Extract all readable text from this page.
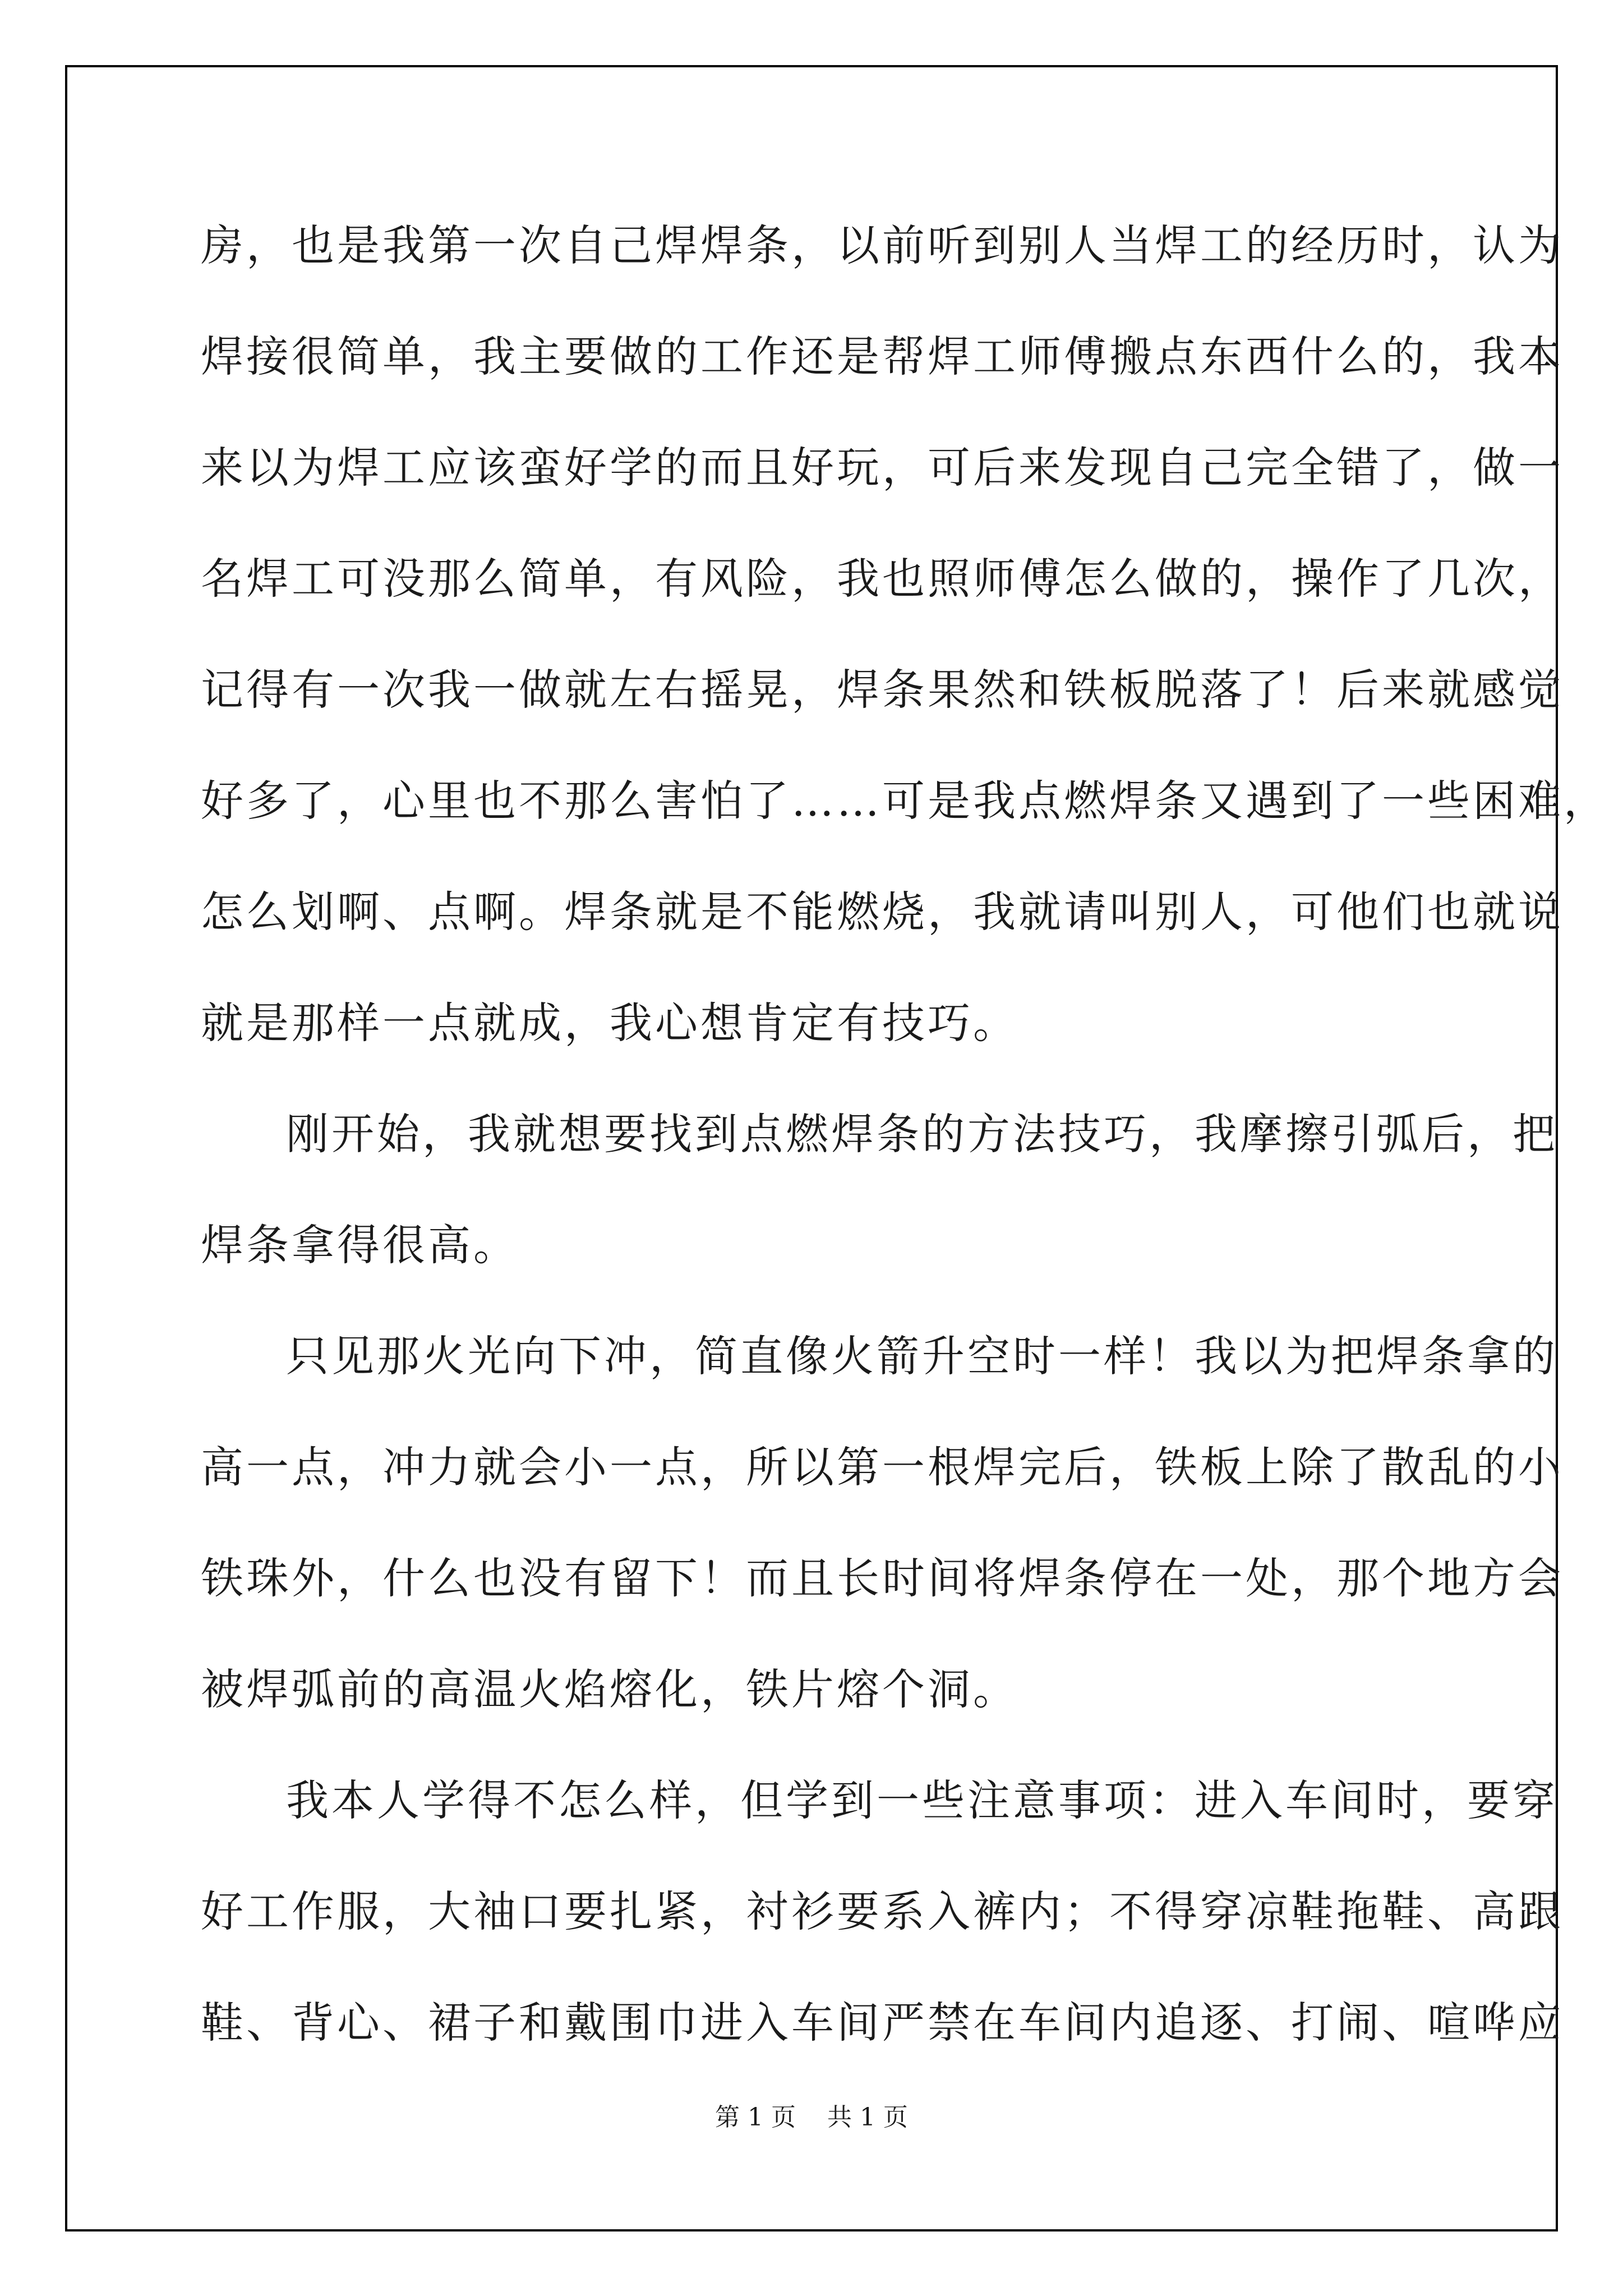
房，也是我第一次自己焊焊条，以前听到别人当焊工的经历时，认为
焊接很简单，我主要做的工作还是帮焊工师傅搬点东西什么的，我本
来以为焊工应该蛮好学的而且好玩，可后来发现自己完全错了，做一
名焊工可没那么简单，有风险，我也照师傅怎么做的，操作了几次，
记得有一次我一做就左右摇晃，焊条果然和铁板脱落了！后来就感觉
好多了，心里也不那么害怕了……可是我点燃焊条又遇到了一些困难，
怎么划啊、点啊。焊条就是不能燃烧，我就请叫别人，可他们也就说
就是那样一点就成，我心想肯定有技巧。
刚开始，我就想要找到点燃焊条的方法技巧，我摩擦引弧后，把
焊条拿得很高。
只见那火光向下冲，简直像火箭升空时一样！我以为把焊条拿的
高一点，冲力就会小一点，所以第一根焊完后，铁板上除了散乱的小
铁珠外，什么也没有留下！而且长时间将焊条停在一处，那个地方会
被焊弧前的高温火焰熔化，铁片熔个洞。
我本人学得不怎么样，但学到一些注意事项：进入车间时，要穿
好工作服，大袖口要扎紧，衬衫要系入裤内；不得穿凉鞋拖鞋、高跟
鞋、背心、裙子和戴围巾进入车间严禁在车间内追逐、打闹、喧哗应
第 1 页    共 1 页
